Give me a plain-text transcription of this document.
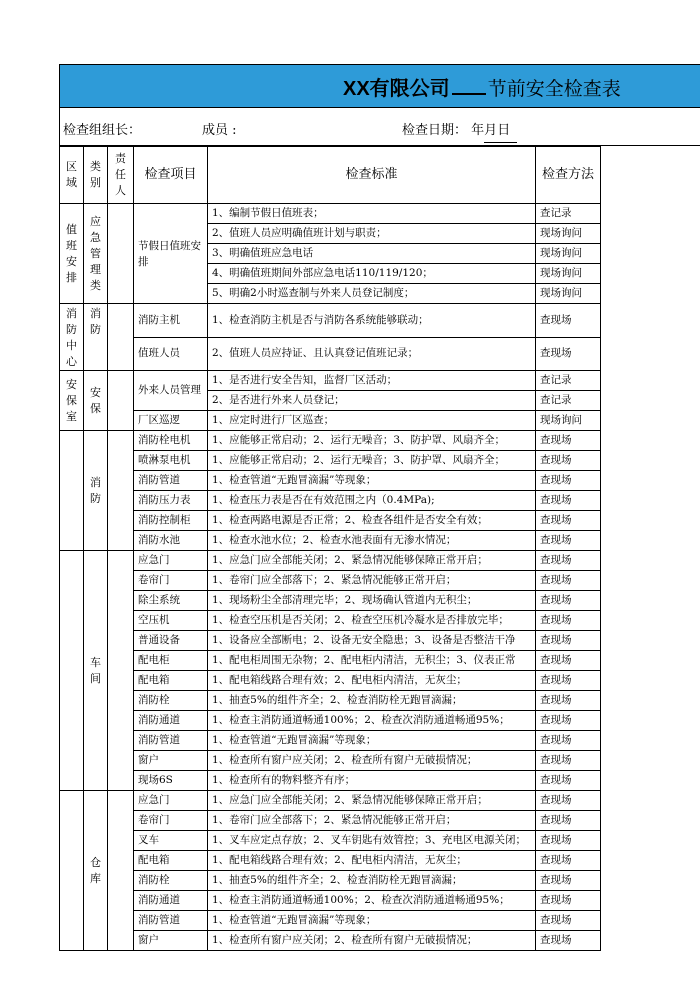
XX有限公司 节前安全检查表
检查组组长：	成员 :	检查日期： 年
月
日
区域	类别	责任人	检查项目	检查标准	检查方法
值班安排	应急管理类		节假日值班安排	1、编制节假日值班表；	查记录
				2、值班人员应明确值班计划与职责；	现场询问
				3、明确值班应急电话	现场询问
				4、明确值班期间外部应急电话110/119/120；	现场询问
				5、明确2小时巡查制与外来人员登记制度；	现场询问
消防中心	消防		消防主机	1、检查消防主机是否与消防各系统能够联动；	查现场
			值班人员	2、值班人员应持证、且认真登记值班记录；	查现场
安保室	安保		外来人员管理	1、是否进行安全告知，监督厂区活动；	查记录
				2、是否进行外来人员登记；	查记录
			厂区巡逻	1、应定时进行厂区巡查；	现场询问
	消防		消防栓电机	1、应能够正常启动；2、运行无噪音；3、防护罩、风扇齐全；	查现场
			喷淋泵电机	1、应能够正常启动；2、运行无噪音；3、防护罩、风扇齐全；	查现场
			消防管道	1、检查管道“无跑冒滴漏”等现象；	查现场
			消防压力表	1、检查压力表是否在有效范围之内（0.4MPa);	查现场
			消防控制柜	1、检查两路电源是否正常；2、检查各组件是否安全有效；	查现场
			消防水池	1、检查水池水位；2、检查水池表面有无渗水情况；	查现场
	车间		应急门	1、应急门应全部能关闭；2、紧急情况能够保障正常开启；	查现场
			卷帘门	1、卷帘门应全部落下；2、紧急情况能够正常开启；	查现场
			除尘系统	1、现场粉尘全部清理完毕；2、现场确认管道内无积尘；	查现场
			空压机	1、检查空压机是否关闭；2、检查空压机冷凝水是否排放完毕；	查现场
			普通设备	1、设备应全部断电；2、设备无安全隐患；3、设备是否整洁干净	查现场
			配电柜	1、配电柜周围无杂物；2、配电柜内清洁，无积尘；3、仪表正常	查现场
			配电箱	1、配电箱线路合理有效；2、配电柜内清洁，无灰尘；	查现场
			消防栓	1、抽查5%的组件齐全；2、检查消防栓无跑冒滴漏；	查现场
			消防通道	1、检查主消防通道畅通100%；2、检查次消防通道畅通95%；	查现场
			消防管道	1、检查管道“无跑冒滴漏”等现象；	查现场
			窗户	1、检查所有窗户应关闭；2、检查所有窗户无破损情况；	查现场
			现场6S	1、检查所有的物料整齐有序；	查现场
	仓库		应急门	1、应急门应全部能关闭；2、紧急情况能够保障正常开启；	查现场
			卷帘门	1、卷帘门应全部落下；2、紧急情况能够正常开启；	查现场
			叉车	1、叉车应定点存放；2、叉车钥匙有效管控；3、充电区电源关闭；	查现场
			配电箱	1、配电箱线路合理有效；2、配电柜内清洁，无灰尘；	查现场
			消防栓	1、抽查5%的组件齐全；2、检查消防栓无跑冒滴漏；	查现场
			消防通道	1、检查主消防通道畅通100%；2、检查次消防通道畅通95%；	查现场
			消防管道	1、检查管道“无跑冒滴漏”等现象；	查现场
			窗户	1、检查所有窗户应关闭；2、检查所有窗户无破损情况；	查现场
